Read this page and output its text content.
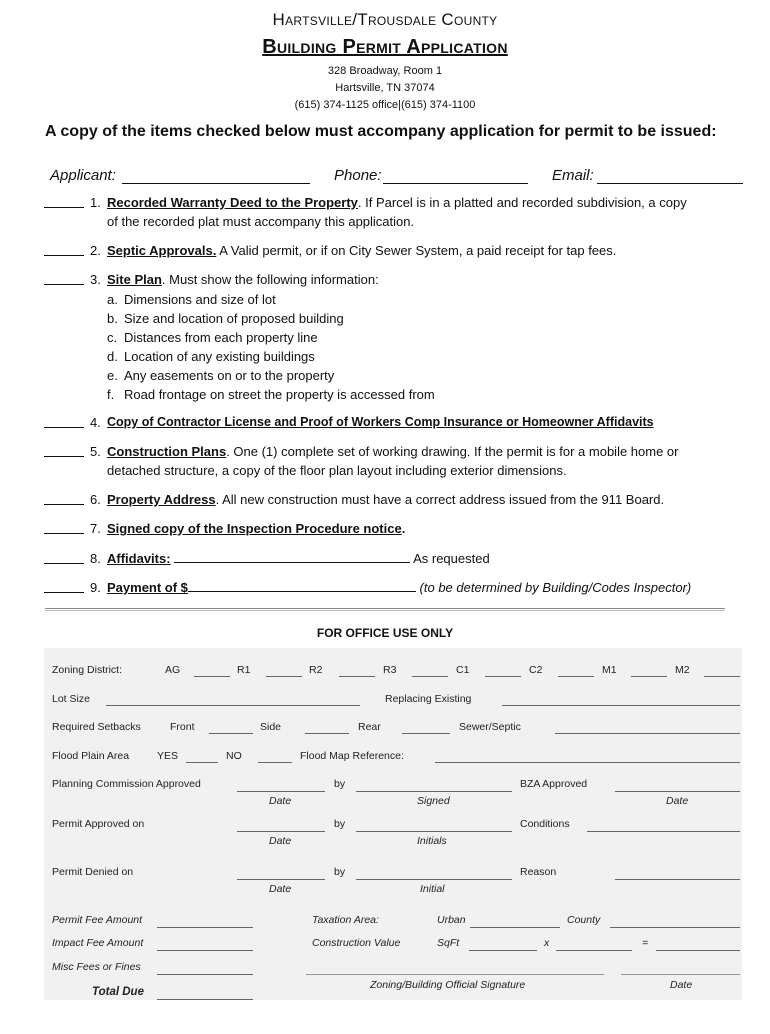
Hartsville/Trousdale County
Building Permit Application
328 Broadway, Room 1
Hartsville, TN 37074
(615) 374-1125 office|(615) 374-1100
A copy of the items checked below must accompany application for permit to be issued:
Applicant:	Phone:	Email:
1. Recorded Warranty Deed to the Property. If Parcel is in a platted and recorded subdivision, a copy
of the recorded plat must accompany this application.
2. Septic Approvals. A Valid permit, or if on City Sewer System, a paid receipt for tap fees.
3. Site Plan. Must show the following information:
a. Dimensions and size of lot
b. Size and location of proposed building
c. Distances from each property line
d. Location of any existing buildings
e. Any easements on or to the property
f. Road frontage on street the property is accessed from
4. Copy of Contractor License and Proof of Workers Comp Insurance or Homeowner Affidavits
5. Construction Plans. One (1) complete set of working drawing. If the permit is for a mobile home or
detached structure, a copy of the floor plan layout including exterior dimensions.
6. Property Address. All new construction must have a correct address issued from the 911 Board.
7. Signed copy of the Inspection Procedure notice.
8. Affidavits:	As requested
9. Payment of $	(to be determined by Building/Codes Inspector)
FOR OFFICE USE ONLY
Zoning District:	AG	R1	R2	R3	C1	C2	M1	M2
Lot Size	Replacing Existing
Required Setbacks	Front	Side	Rear	Sewer/Septic
Flood Plain Area	YES	NO	Flood Map Reference:
Planning Commission Approved	by	BZA Approved
Date	Signed	Date
Permit Approved on	by	Conditions
Date	Initials
Permit Denied on	by	Reason
Date	Initial
Permit Fee Amount	Taxation Area:	Urban	County
Impact Fee Amount	Construction Value	SqFt	x	=
Misc Fees or Fines
Zoning/Building Official Signature	Date
Total Due
